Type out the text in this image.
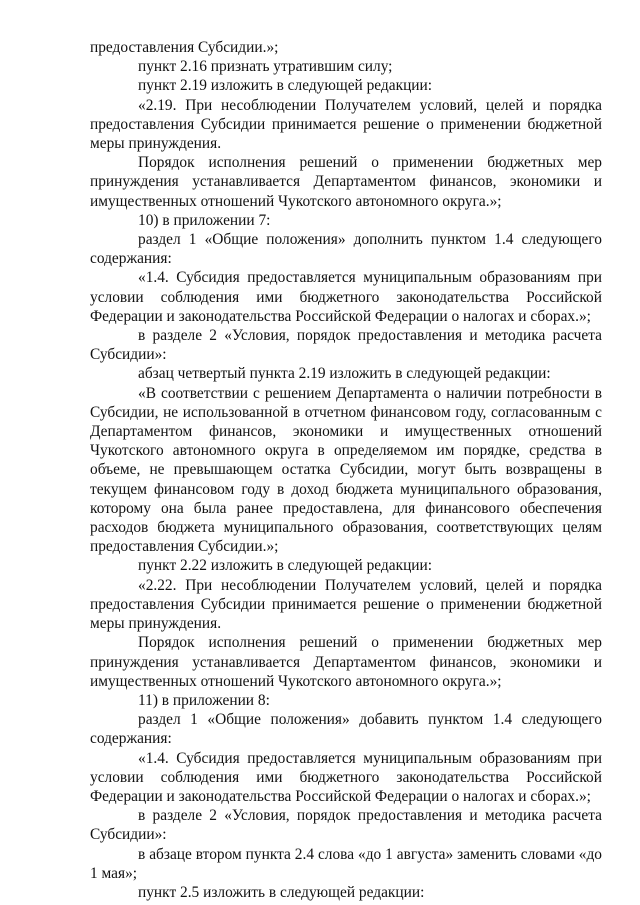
предоставления Субсидии.»;

пункт 2.16 признать утратившим силу;

пункт 2.19 изложить в следующей редакции:

«2.19. При несоблюдении Получателем условий, целей и порядка предоставления Субсидии принимается решение о применении бюджетной меры принуждения.

Порядок исполнения решений о применении бюджетных мер принуждения устанавливается Департаментом финансов, экономики и имущественных отношений Чукотского автономного округа.»;

10) в приложении 7:

раздел 1 «Общие положения» дополнить пунктом 1.4 следующего содержания:

«1.4. Субсидия предоставляется муниципальным образованиям при условии соблюдения ими бюджетного законодательства Российской Федерации и законодательства Российской Федерации о налогах и сборах.»;

в разделе 2 «Условия, порядок предоставления и методика расчета Субсидии»:

абзац четвертый пункта 2.19 изложить в следующей редакции:

«В соответствии с решением Департамента о наличии потребности в Субсидии, не использованной в отчетном финансовом году, согласованным с Департаментом финансов, экономики и имущественных отношений Чукотского автономного округа в определяемом им порядке, средства в объеме, не превышающем остатка Субсидии, могут быть возвращены в текущем финансовом году в доход бюджета муниципального образования, которому она была ранее предоставлена, для финансового обеспечения расходов бюджета муниципального образования, соответствующих целям предоставления Субсидии.»;

пункт 2.22 изложить в следующей редакции:

«2.22. При несоблюдении Получателем условий, целей и порядка предоставления Субсидии принимается решение о применении бюджетной меры принуждения.

Порядок исполнения решений о применении бюджетных мер принуждения устанавливается Департаментом финансов, экономики и имущественных отношений Чукотского автономного округа.»;

11) в приложении 8:

раздел 1 «Общие положения» добавить пунктом 1.4 следующего содержания:

«1.4. Субсидия предоставляется муниципальным образованиям при условии соблюдения ими бюджетного законодательства Российской Федерации и законодательства Российской Федерации о налогах и сборах.»;

в разделе 2 «Условия, порядок предоставления и методика расчета Субсидии»:

в абзаце втором пункта 2.4 слова «до 1 августа» заменить словами «до 1 мая»;

пункт 2.5 изложить в следующей редакции:
